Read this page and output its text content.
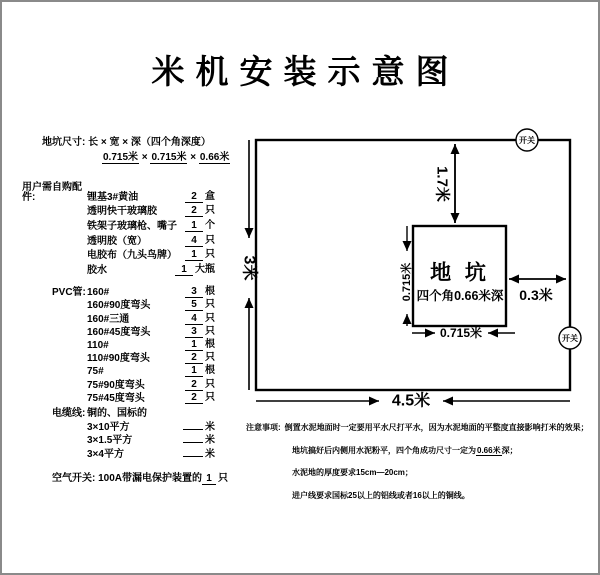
米机安装示意图
地坑尺寸:
长 × 宽 × 深（四个角深度）
0.715米 × 0.715米 × 0.66米
用户需自购配件:	锂基3#黄油	2 盒
透明快干玻璃胶	2 只
铁架子玻璃枪、嘴子	1 个
透明胶（宽）	4 只
电胶布（九头鸟牌）	1 只
胶水	1 大瓶
PVC管: 160#	3 根
160#90度弯头	5 只
160#三通	4 只
160#45度弯头	3 只
110#	1 根
110#90度弯头	2 只
75#	1 根
75#90度弯头	2 只
75#45度弯头	2 只
电缆线: 铜的、国标的
3×10平方	米
3×1.5平方	米
3×4平方	米
空气开关: 100A带漏电保护装置的 1 只
3米
4.5米
1.7米
0.3米
地 坑
四个角0.66米深
0.715米
0.715米
开关
开关
注意事项: 倒置水泥地面时一定要用平水尺打平水，因为水泥地面的平整度直接影响打米的效果；
地坑搞好后内侧用水泥粉平，四个角成功尺寸一定为0.66米深；
水泥地的厚度要求15cm—20cm；
进户线要求国标25以上的铝线或者16以上的铜线。
